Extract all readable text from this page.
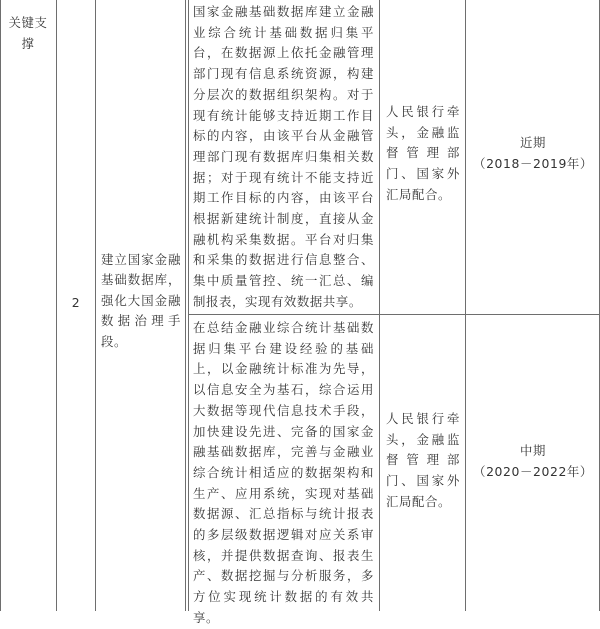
关键支撑
2
建立国家金融基础数据库，强化大国金融数据治理手段。
国家金融基础数据库建立金融业综合统计基础数据归集平台，在数据源上依托金融管理部门现有信息系统资源，构建分层次的数据组织架构。对于现有统计能够支持近期工作目标的内容，由该平台从金融管理部门现有数据库归集相关数据；对于现有统计不能支持近期工作目标的内容，由该平台根据新建统计制度，直接从金融机构采集数据。平台对归集和采集的数据进行信息整合、集中质量管控、统一汇总、编制报表，实现有效数据共享。
人民银行牵头，金融监督管理部门、国家外汇局配合。
近期
（2018－2019年）
在总结金融业综合统计基础数据归集平台建设经验的基础上，以金融统计标准为先导，以信息安全为基石，综合运用大数据等现代信息技术手段，加快建设先进、完备的国家金融基础数据库，完善与金融业综合统计相适应的数据架构和生产、应用系统，实现对基础数据源、汇总指标与统计报表的多层级数据逻辑对应关系审核，并提供数据查询、报表生产、数据挖掘与分析服务，多方位实现统计数据的有效共享。
人民银行牵头，金融监督管理部门、国家外汇局配合。
中期
（2020－2022年）
